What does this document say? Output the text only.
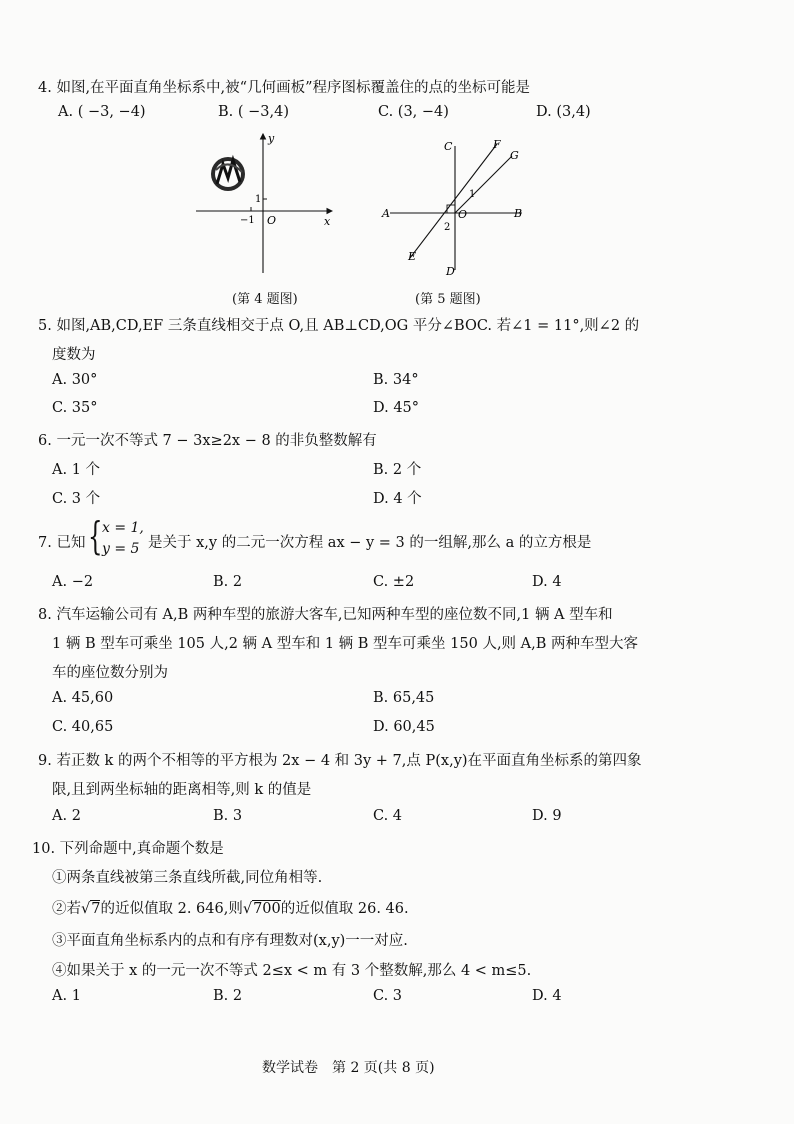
4. 如图,在平面直角坐标系中,被“几何画板”程序图标覆盖住的点的坐标可能是
A. ( −3, −4)	B. ( −3,4)	C. (3, −4)	D. (3,4)
y
x
O
−1
1
(第 4 题图)
C	F
G
A	B
O
E
D
1
2
(第 5 题图)
5. 如图,AB,CD,EF 三条直线相交于点 O,且 AB⊥CD,OG 平分∠BOC. 若∠1 = 11°,则∠2 的
度数为
A. 30°	B. 34°
C. 35°	D. 45°
6. 一元一次不等式 7 − 3x≥2x − 8 的非负整数解有
A. 1 个	B. 2 个
C. 3 个	D. 4 个
7. 已知 { x = 1,
y = 5 是关于 x,y 的二元一次方程 ax − y = 3 的一组解,那么 a 的立方根是
A. −2	B. 2	C. ±2	D. 4
8. 汽车运输公司有 A,B 两种车型的旅游大客车,已知两种车型的座位数不同,1 辆 A 型车和
1 辆 B 型车可乘坐 105 人,2 辆 A 型车和 1 辆 B 型车可乘坐 150 人,则 A,B 两种车型大客
车的座位数分别为
A. 45,60	B. 65,45
C. 40,65	D. 60,45
9. 若正数 k 的两个不相等的平方根为 2x − 4 和 3y + 7,点 P(x,y)在平面直角坐标系的第四象
限,且到两坐标轴的距离相等,则 k 的值是
A. 2	B. 3	C. 4	D. 9
10. 下列命题中,真命题个数是
①两条直线被第三条直线所截,同位角相等.
②若√7的近似值取 2. 646,则√700的近似值取 26. 46.
③平面直角坐标系内的点和有序有理数对(x,y)一一对应.
④如果关于 x 的一元一次不等式 2≤x < m 有 3 个整数解,那么 4 < m≤5.
A. 1	B. 2	C. 3	D. 4
数学试卷　第 2 页(共 8 页)
